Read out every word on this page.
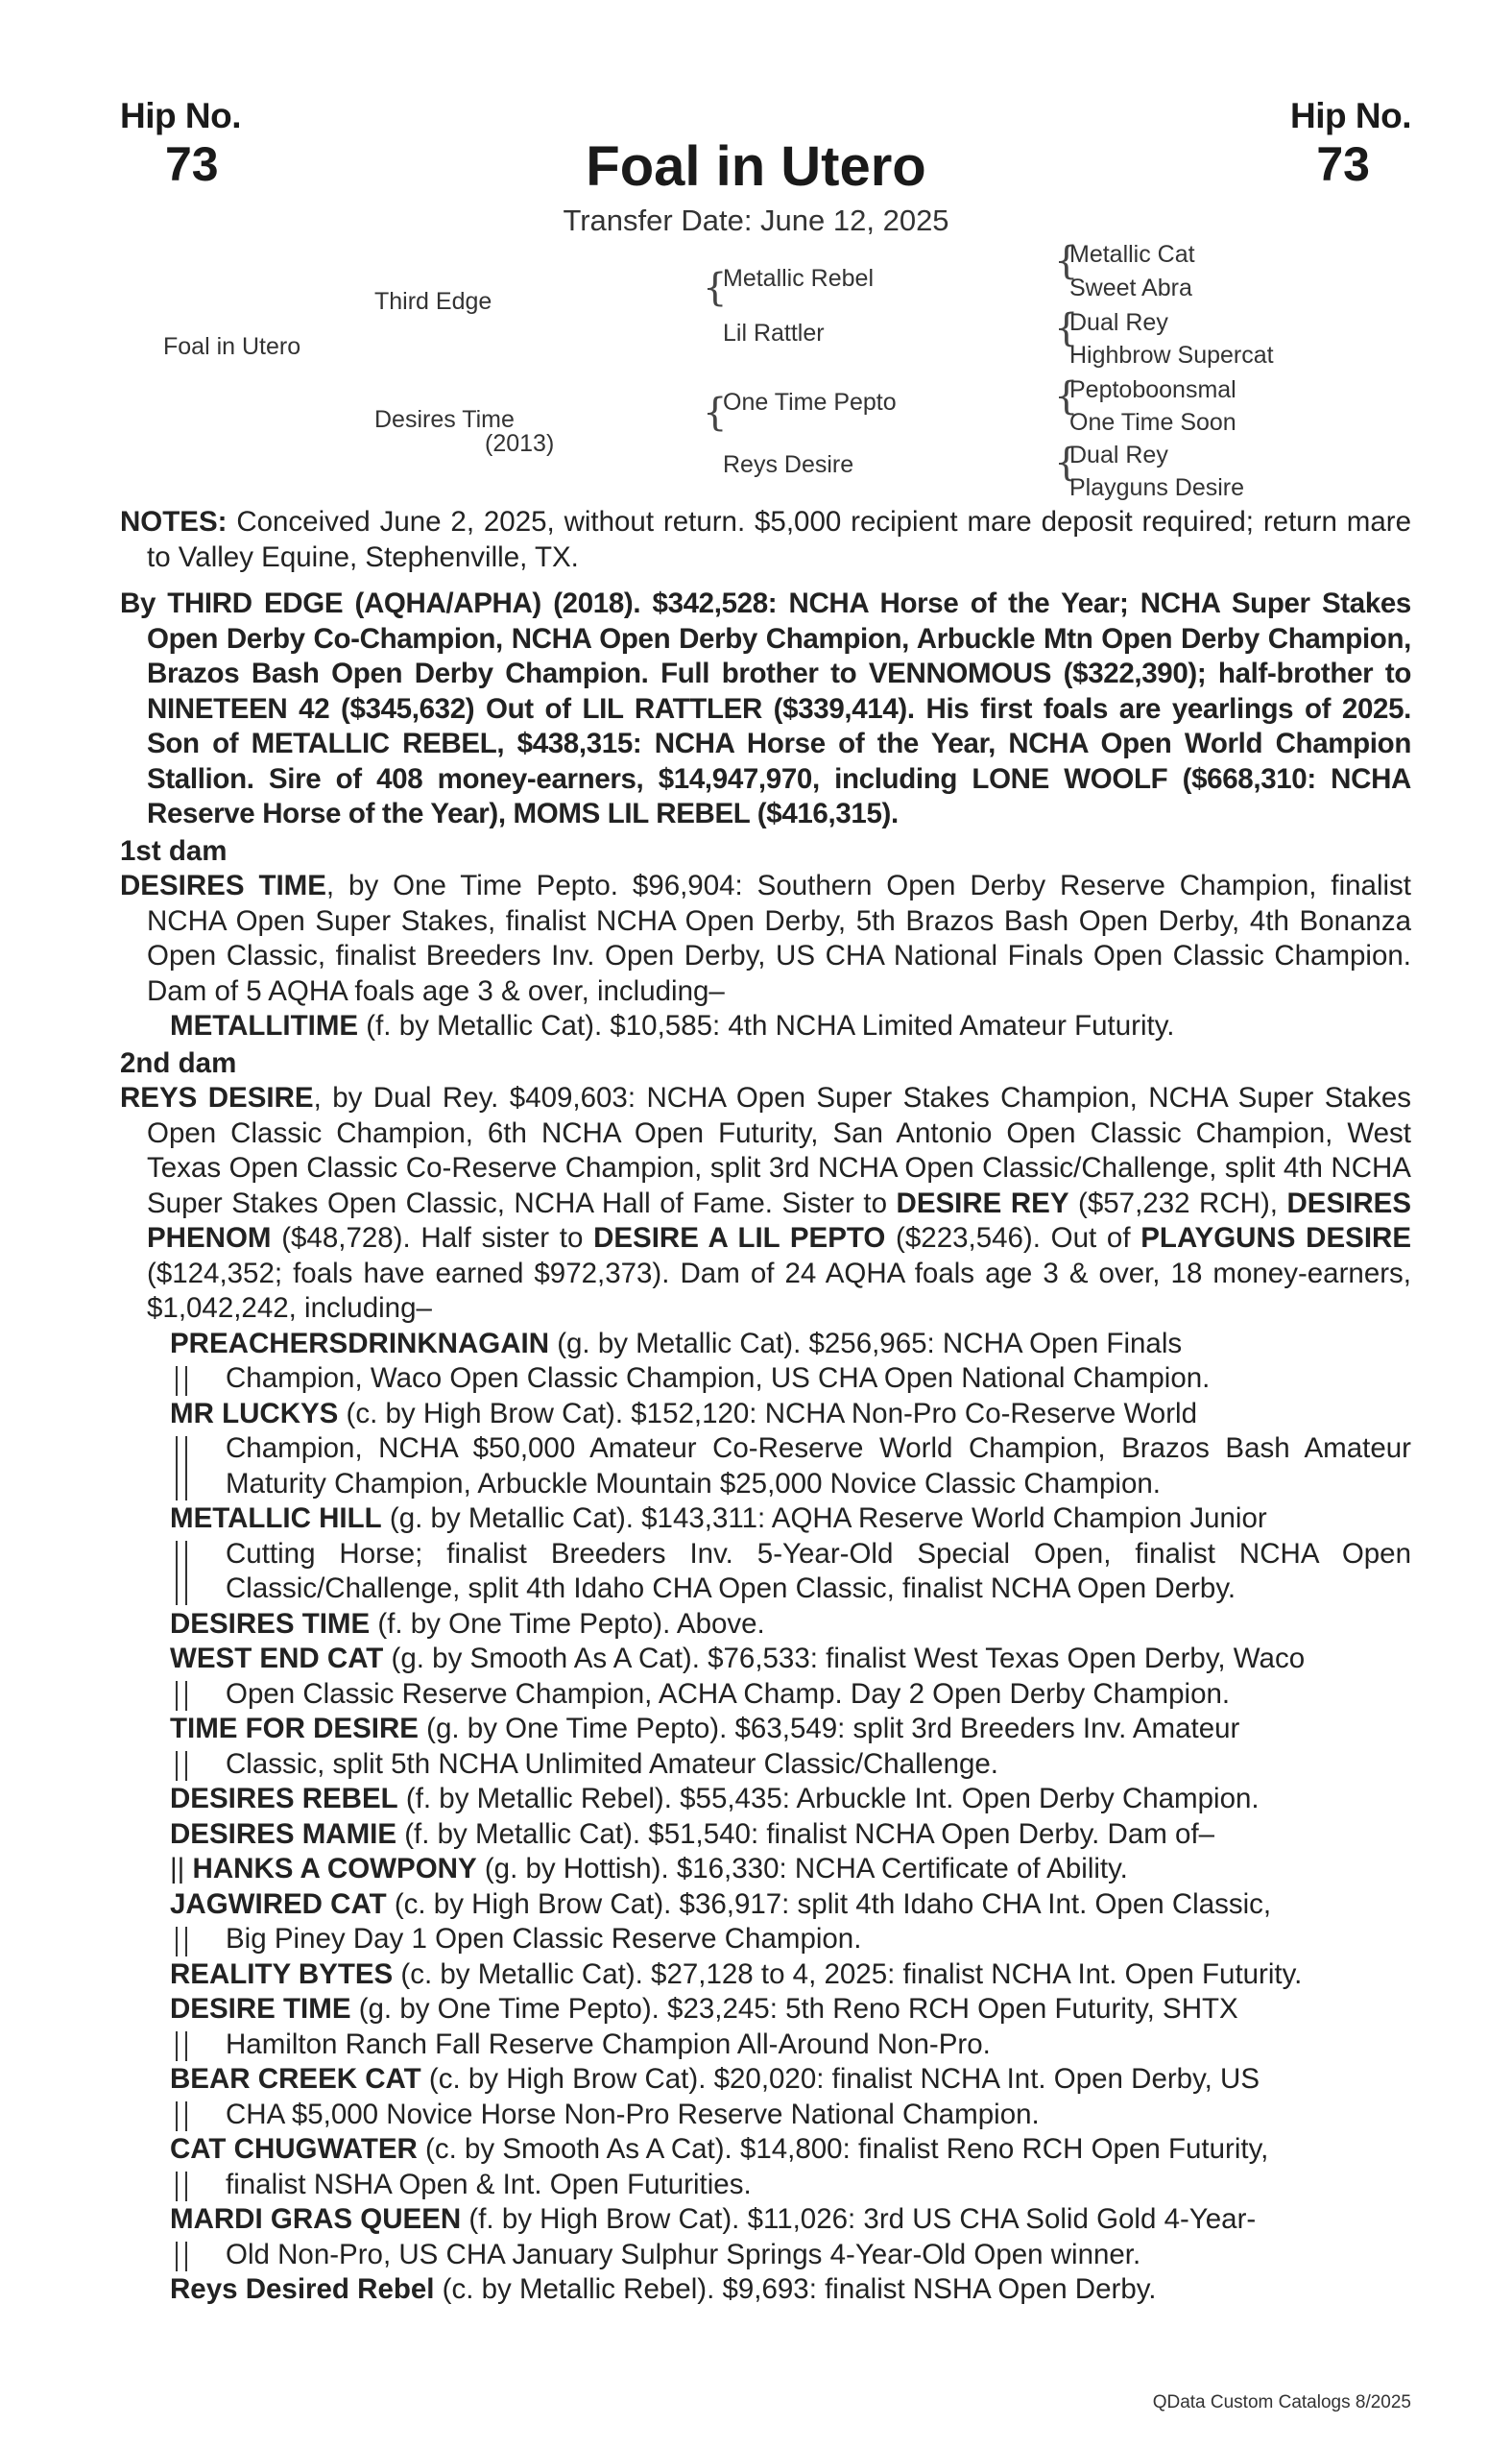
Hip No.
73
Hip No.
73
Foal in Utero
Transfer Date: June 12, 2025
Foal in Utero
Third Edge
Desires Time
(2013)
{
Metallic Rebel
Lil Rattler
{
One Time Pepto
Reys Desire
{
Metallic Cat
Sweet Abra
{
Dual Rey
Highbrow Supercat
{
Peptoboonsmal
One Time Soon
{
Dual Rey
Playguns Desire

NOTES: Conceived June 2, 2025, without return. $5,000 recipient mare deposit required; return mare to Valley Equine, Stephenville, TX.

By THIRD EDGE (AQHA/APHA) (2018). $342,528: NCHA Horse of the Year; NCHA Super Stakes Open Derby Co-Champion, NCHA Open Derby Champion, Arbuckle Mtn Open Derby Champion, Brazos Bash Open Derby Champion. Full brother to VENNOMOUS ($322,390); half-brother to NINETEEN 42 ($345,632) Out of LIL RATTLER ($339,414). His first foals are yearlings of 2025. Son of METALLIC REBEL, $438,315: NCHA Horse of the Year, NCHA Open World Champion Stallion. Sire of 408 money-earners, $14,947,970, including LONE WOOLF ($668,310: NCHA Reserve Horse of the Year), MOMS LIL REBEL ($416,315).

1st dam

DESIRES TIME, by One Time Pepto. $96,904: Southern Open Derby Reserve Champion, finalist NCHA Open Super Stakes, finalist NCHA Open Derby, 5th Brazos Bash Open Derby, 4th Bonanza Open Classic, finalist Breeders Inv. Open Derby, US CHA National Finals Open Classic Champion. Dam of 5 AQHA foals age 3 & over, including–

METALLITIME (f. by Metallic Cat). $10,585: 4th NCHA Limited Amateur Futurity.

2nd dam

REYS DESIRE, by Dual Rey. $409,603: NCHA Open Super Stakes Champion, NCHA Super Stakes Open Classic Champion, 6th NCHA Open Futurity, San Antonio Open Classic Champion, West Texas Open Classic Co-Reserve Champion, split 3rd NCHA Open Classic/Challenge, split 4th NCHA Super Stakes Open Classic, NCHA Hall of Fame. Sister to DESIRE REY ($57,232 RCH), DESIRES PHENOM ($48,728). Half sister to DESIRE A LIL PEPTO ($223,546). Out of PLAYGUNS DESIRE ($124,352; foals have earned $972,373). Dam of 24 AQHA foals age 3 & over, 18 money-earners, $1,042,242, including–

PREACHERSDRINKNAGAIN (g. by Metallic Cat). $256,965: NCHA Open Finals
Champion, Waco Open Classic Champion, US CHA Open National Champion.
MR LUCKYS (c. by High Brow Cat). $152,120: NCHA Non-Pro Co-Reserve World
Champion, NCHA $50,000 Amateur Co-Reserve World Champion, Brazos Bash Amateur Maturity Champion, Arbuckle Mountain $25,000 Novice Classic Champion.
METALLIC HILL (g. by Metallic Cat). $143,311: AQHA Reserve World Champion Junior
Cutting Horse; finalist Breeders Inv. 5-Year-Old Special Open, finalist NCHA Open Classic/Challenge, split 4th Idaho CHA Open Classic, finalist NCHA Open Derby.
DESIRES TIME (f. by One Time Pepto). Above.
WEST END CAT (g. by Smooth As A Cat). $76,533: finalist West Texas Open Derby, Waco
Open Classic Reserve Champion, ACHA Champ. Day 2 Open Derby Champion.
TIME FOR DESIRE (g. by One Time Pepto). $63,549: split 3rd Breeders Inv. Amateur
Classic, split 5th NCHA Unlimited Amateur Classic/Challenge.
DESIRES REBEL (f. by Metallic Rebel). $55,435: Arbuckle Int. Open Derby Champion.
DESIRES MAMIE (f. by Metallic Cat). $51,540: finalist NCHA Open Derby. Dam of–
|| HANKS A COWPONY (g. by Hottish). $16,330: NCHA Certificate of Ability.
JAGWIRED CAT (c. by High Brow Cat). $36,917: split 4th Idaho CHA Int. Open Classic,
Big Piney Day 1 Open Classic Reserve Champion.
REALITY BYTES (c. by Metallic Cat). $27,128 to 4, 2025: finalist NCHA Int. Open Futurity.
DESIRE TIME (g. by One Time Pepto). $23,245: 5th Reno RCH Open Futurity, SHTX
Hamilton Ranch Fall Reserve Champion All-Around Non-Pro.
BEAR CREEK CAT (c. by High Brow Cat). $20,020: finalist NCHA Int. Open Derby, US
CHA $5,000 Novice Horse Non-Pro Reserve National Champion.
CAT CHUGWATER (c. by Smooth As A Cat). $14,800: finalist Reno RCH Open Futurity,
finalist NSHA Open & Int. Open Futurities.
MARDI GRAS QUEEN (f. by High Brow Cat). $11,026: 3rd US CHA Solid Gold 4-Year-
Old Non-Pro, US CHA January Sulphur Springs 4-Year-Old Open winner.
Reys Desired Rebel (c. by Metallic Rebel). $9,693: finalist NSHA Open Derby.
QData Custom Catalogs 8/2025
